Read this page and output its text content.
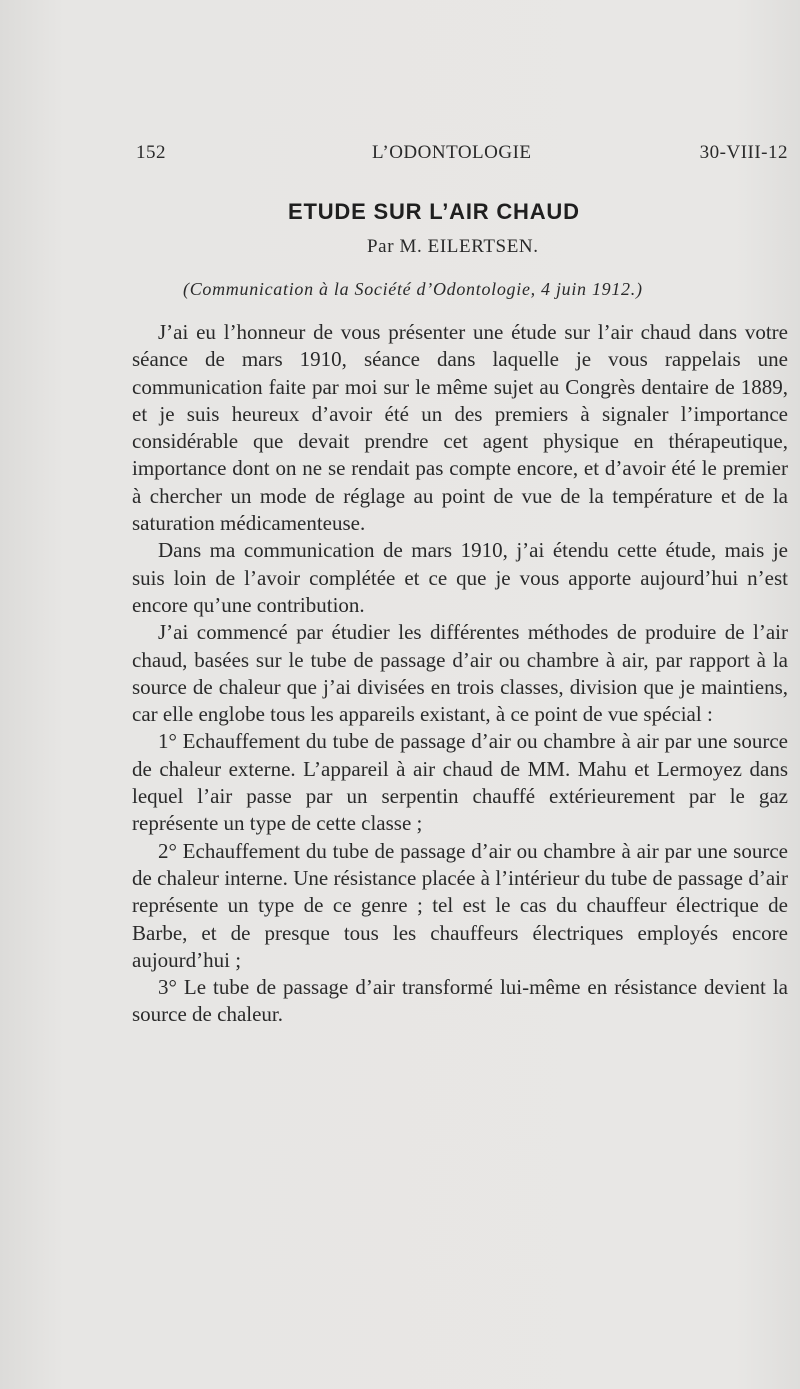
152	L’ODONTOLOGIE	30-VIII-12
ETUDE SUR L’AIR CHAUD
Par M. EILERTSEN.
(Communication à la Société d’Odontologie, 4 juin 1912.)

J’ai eu l’honneur de vous présenter une étude sur l’air chaud dans votre séance de mars 1910, séance dans laquelle je vous rappelais une communication faite par moi sur le même sujet au Congrès dentaire de 1889, et je suis heureux d’avoir été un des premiers à signaler l’importance considérable que devait prendre cet agent physique en thérapeutique, importance dont on ne se rendait pas compte encore, et d’avoir été le premier à chercher un mode de réglage au point de vue de la température et de la saturation médicamenteuse.

Dans ma communication de mars 1910, j’ai étendu cette étude, mais je suis loin de l’avoir complétée et ce que je vous apporte aujourd’hui n’est encore qu’une contribution.

J’ai commencé par étudier les différentes méthodes de produire de l’air chaud, basées sur le tube de passage d’air ou chambre à air, par rapport à la source de chaleur que j’ai divisées en trois classes, division que je maintiens, car elle englobe tous les appareils existant, à ce point de vue spécial :

1° Echauffement du tube de passage d’air ou chambre à air par une source de chaleur externe. L’appareil à air chaud de MM. Mahu et Lermoyez dans lequel l’air passe par un serpentin chauffé extérieurement par le gaz représente un type de cette classe ;

2° Echauffement du tube de passage d’air ou chambre à air par une source de chaleur interne. Une résistance placée à l’intérieur du tube de passage d’air représente un type de ce genre ; tel est le cas du chauffeur électrique de Barbe, et de presque tous les chauffeurs électriques employés encore aujourd’hui ;

3° Le tube de passage d’air transformé lui-même en résistance devient la source de chaleur.
